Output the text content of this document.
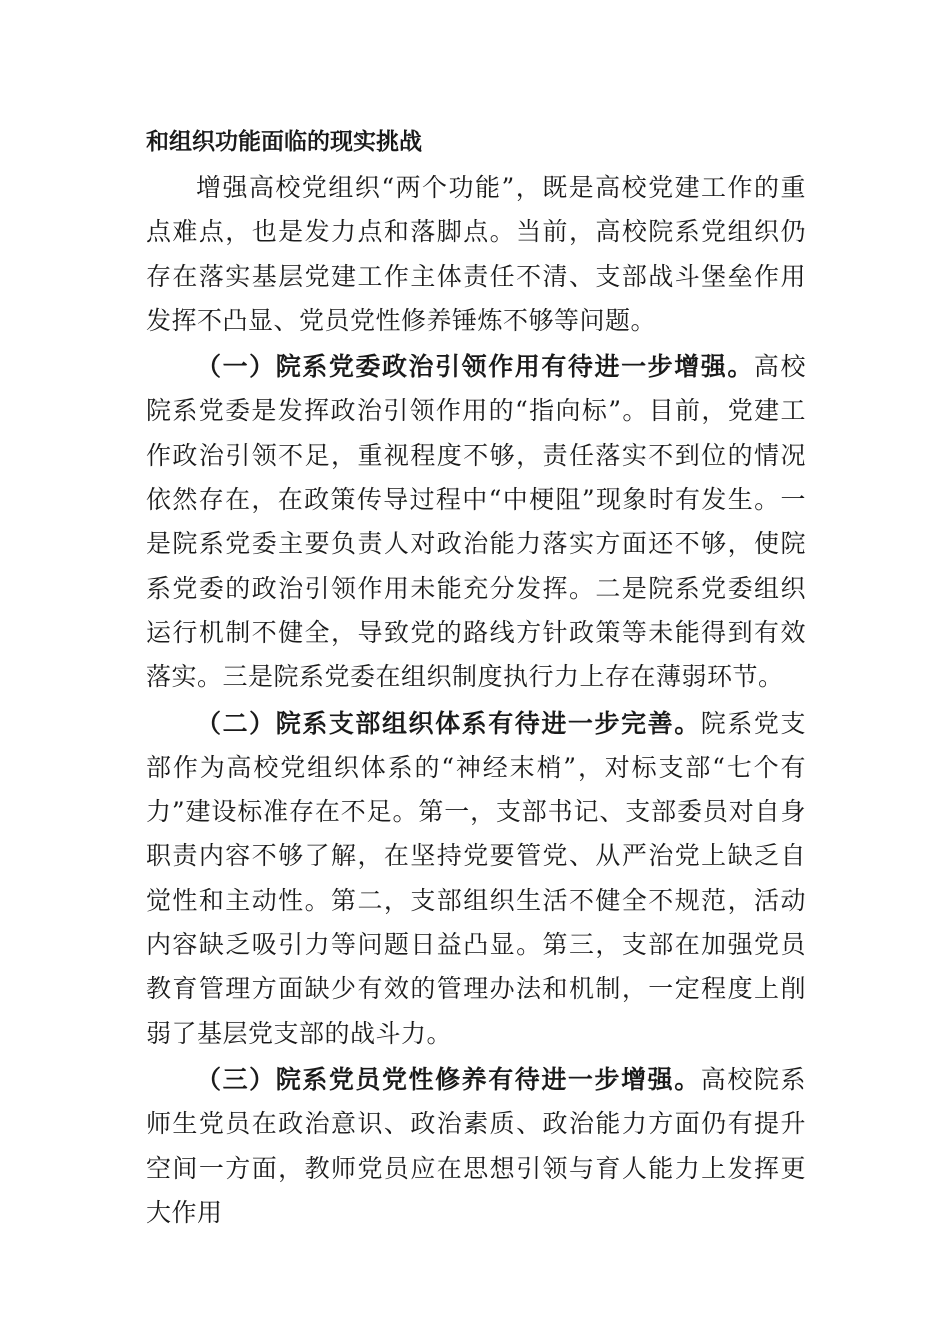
和组织功能面临的现实挑战

增强高校党组织“两个功能”，既是高校党建工作的重点难点，也是发力点和落脚点。当前，高校院系党组织仍存在落实基层党建工作主体责任不清、支部战斗堡垒作用发挥不凸显、党员党性修养锤炼不够等问题。

（一）院系党委政治引领作用有待进一步增强。高校院系党委是发挥政治引领作用的“指向标”。目前，党建工作政治引领不足，重视程度不够，责任落实不到位的情况依然存在，在政策传导过程中“中梗阻”现象时有发生。一是院系党委主要负责人对政治能力落实方面还不够，使院系党委的政治引领作用未能充分发挥。二是院系党委组织运行机制不健全，导致党的路线方针政策等未能得到有效落实。三是院系党委在组织制度执行力上存在薄弱环节。

（二）院系支部组织体系有待进一步完善。院系党支部作为高校党组织体系的“神经末梢”，对标支部“七个有力”建设标准存在不足。第一，支部书记、支部委员对自身职责内容不够了解，在坚持党要管党、从严治党上缺乏自觉性和主动性。第二，支部组织生活不健全不规范，活动内容缺乏吸引力等问题日益凸显。第三，支部在加强党员教育管理方面缺少有效的管理办法和机制，一定程度上削弱了基层党支部的战斗力。

（三）院系党员党性修养有待进一步增强。高校院系师生党员在政治意识、政治素质、政治能力方面仍有提升空间一方面，教师党员应在思想引领与育人能力上发挥更大作用
